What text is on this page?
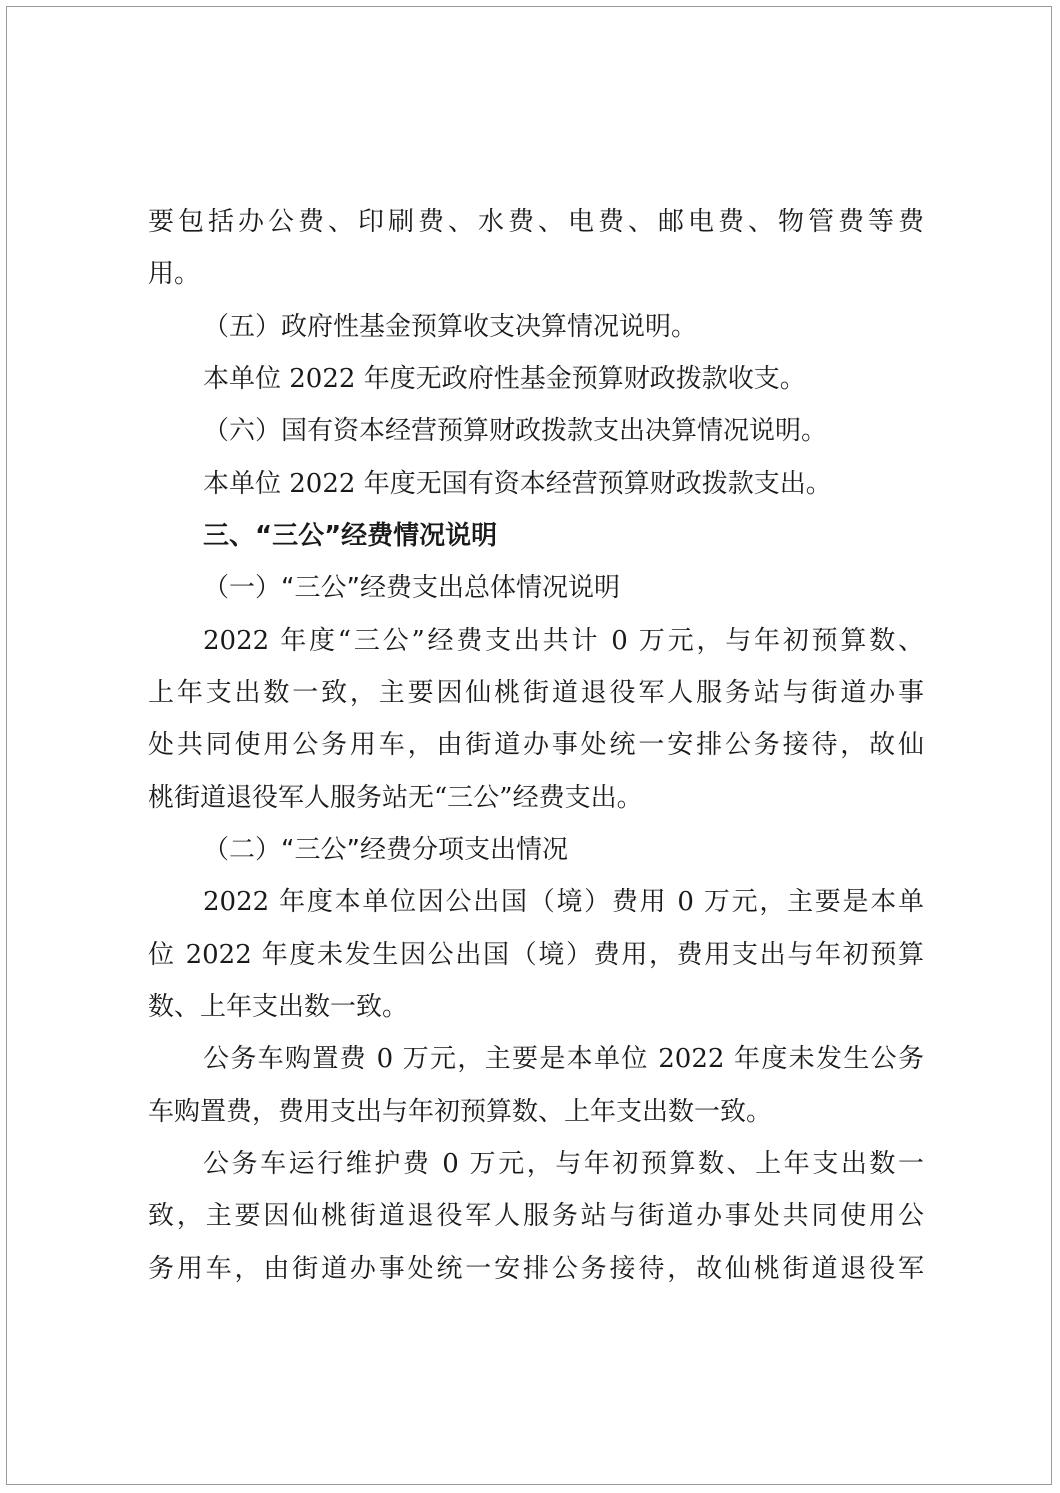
要包括办公费、印刷费、水费、电费、邮电费、物管费等费

用。

（五）政府性基金预算收支决算情况说明。

本单位 2022 年度无政府性基金预算财政拨款收支。

（六）国有资本经营预算财政拨款支出决算情况说明。

本单位 2022 年度无国有资本经营预算财政拨款支出。

三、“三公”经费情况说明

（一）“三公”经费支出总体情况说明

2022 年度“三公”经费支出共计 0 万元，与年初预算数、

上年支出数一致，主要因仙桃街道退役军人服务站与街道办事

处共同使用公务用车，由街道办事处统一安排公务接待，故仙

桃街道退役军人服务站无“三公”经费支出。

（二）“三公”经费分项支出情况

2022 年度本单位因公出国（境）费用 0 万元，主要是本单

位 2022 年度未发生因公出国（境）费用，费用支出与年初预算

数、上年支出数一致。

公务车购置费 0 万元，主要是本单位 2022 年度未发生公务

车购置费，费用支出与年初预算数、上年支出数一致。

公务车运行维护费 0 万元，与年初预算数、上年支出数一

致，主要因仙桃街道退役军人服务站与街道办事处共同使用公

务用车，由街道办事处统一安排公务接待，故仙桃街道退役军
